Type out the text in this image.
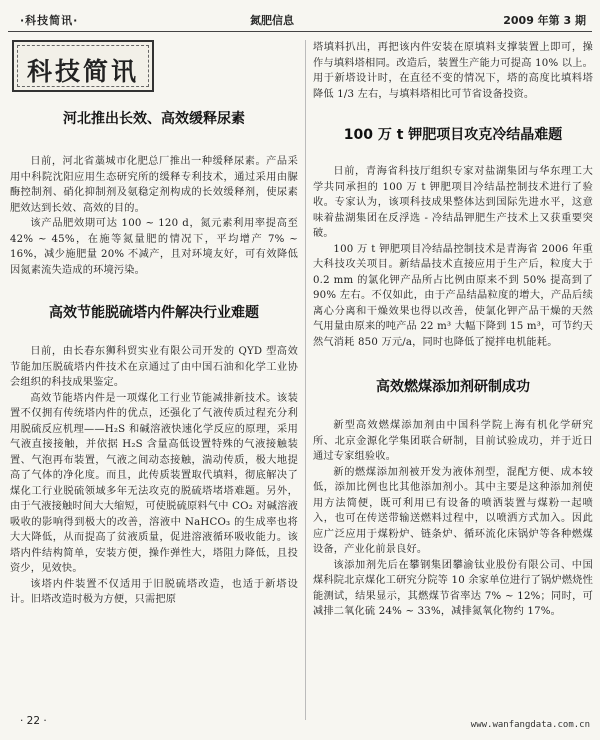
·科技简讯·	氮肥信息	2009 年第 3 期
科技简讯
河北推出长效、高效缓释尿素

日前，河北省藁城市化肥总厂推出一种缓释尿素。产品采用中科院沈阳应用生态研究所的缓释专利技术，通过采用由脲酶控制剂、硝化抑制剂及氨稳定剂构成的长效缓释剂，使尿素肥效达到长效、高效的目的。

该产品肥效期可达 100 ~ 120 d，氮元素利用率提高至 42% ~ 45%，在施等氮量肥的情况下，平均增产 7% ~ 16%，减少施肥量 20% 不减产，且对环境友好，可有效降低因氮素流失造成的环境污染。

高效节能脱硫塔内件解决行业难题

日前，由长春东狮科贸实业有限公司开发的 QYD 型高效节能加压脱硫塔内件技术在京通过了由中国石油和化学工业协会组织的科技成果鉴定。

高效节能塔内件是一项煤化工行业节能减排新技术。该装置不仅拥有传统塔内件的优点，还强化了气液传质过程充分利用脱硫反应机理——H₂S 和碱溶液快速化学反应的原理，采用气液直接接触，并依据 H₂S 含量高低设置特殊的气液接触装置、气泡再布装置，气液之间动态接触，湍动传质，极大地提高了气体的净化度。而且，此传质装置取代填料，彻底解决了煤化工行业脱硫领域多年无法攻克的脱硫塔堵塔难题。另外，由于气液接触时间大大缩短，可使脱硫原料气中 CO₂ 对碱溶液吸收的影响得到极大的改善，溶液中 NaHCO₃ 的生成率也将大大降低，从而提高了贫液质量，促进溶液循环吸收能力。该塔内件结构简单，安装方便，操作弹性大，塔阻力降低，且投资少，见效快。

该塔内件装置不仅适用于旧脱硫塔改造，也适于新塔设计。旧塔改造时极为方便，只需把原

塔填料扒出，再把该内件安装在原填料支撑装置上即可，操作与填料塔相同。改造后，装置生产能力可提高 10% 以上。用于新塔设计时，在直径不变的情况下，塔的高度比填料塔降低 1/3 左右，与填料塔相比可节省设备投资。

100 万 t 钾肥项目攻克冷结晶难题

日前，青海省科技厅组织专家对盐湖集团与华东理工大学共同承担的 100 万 t 钾肥项目冷结晶控制技术进行了验收。专家认为，该项科技成果整体达到国际先进水平，这意味着盐湖集团在反浮选 - 冷结晶钾肥生产技术上又获重要突破。

100 万 t 钾肥项目冷结晶控制技术是青海省 2006 年重大科技攻关项目。新结晶技术直接应用于生产后，粒度大于 0.2 mm 的氯化钾产品所占比例由原来不到 50% 提高到了 90% 左右。不仅如此，由于产品结晶粒度的增大，产品后续离心分离和干燥效果也得以改善，使氯化钾产品干燥的天然气用量由原来的吨产品 22 m³ 大幅下降到 15 m³，可节约天然气消耗 850 万元/a，同时也降低了搅拌电机能耗。

高效燃煤添加剂研制成功

新型高效燃煤添加剂由中国科学院上海有机化学研究所、北京金源化学集团联合研制，目前试验成功，并于近日通过专家组验收。

新的燃煤添加剂被开发为液体剂型，混配方便、成本较低，添加比例也比其他添加剂小。其中主要是这种添加剂使用方法简便，既可利用已有设备的喷洒装置与煤粉一起喷入，也可在传送带输送燃料过程中，以喷洒方式加入。因此应广泛应用于煤粉炉、链条炉、循环流化床锅炉等各种燃煤设备，产业化前景良好。

该添加剂先后在攀钢集团攀渝钛业股份有限公司、中国煤科院北京煤化工研究分院等 10 余家单位进行了锅炉燃烧性能测试，结果显示，其燃煤节省率达 7% ~ 12%；同时，可减排二氧化硫 24% ~ 33%，减排氮氧化物约 17%。

· 22 ·	www.wanfangdata.com.cn
